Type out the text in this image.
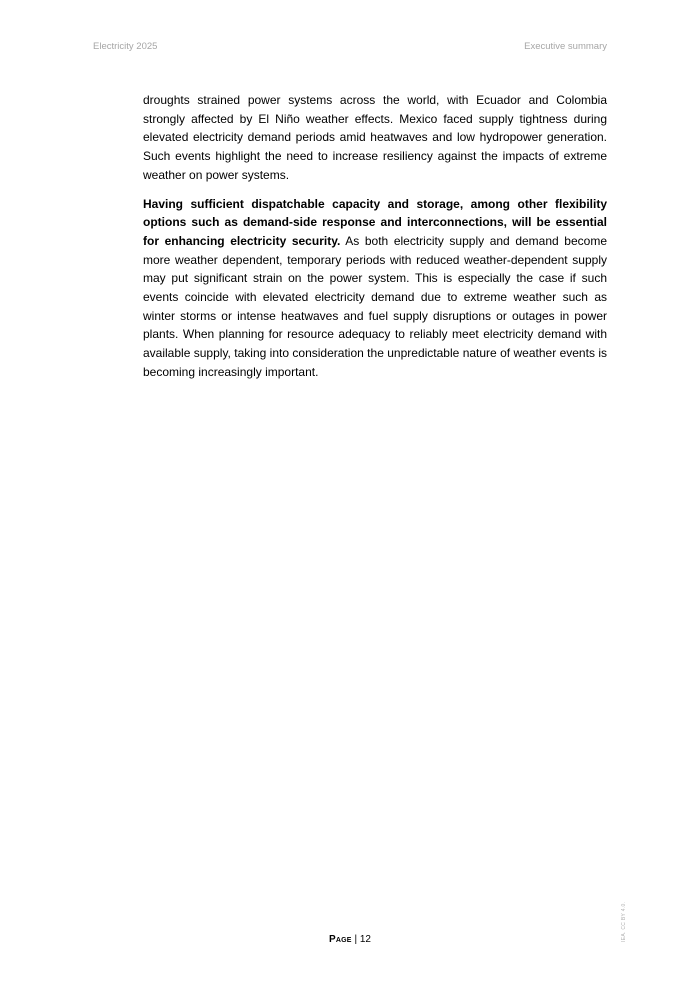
Electricity 2025	Executive summary

droughts strained power systems across the world, with Ecuador and Colombia strongly affected by El Niño weather effects. Mexico faced supply tightness during elevated electricity demand periods amid heatwaves and low hydropower generation. Such events highlight the need to increase resiliency against the impacts of extreme weather on power systems.

Having sufficient dispatchable capacity and storage, among other flexibility options such as demand-side response and interconnections, will be essential for enhancing electricity security. As both electricity supply and demand become more weather dependent, temporary periods with reduced weather-dependent supply may put significant strain on the power system. This is especially the case if such events coincide with elevated electricity demand due to extreme weather such as winter storms or intense heatwaves and fuel supply disruptions or outages in power plants. When planning for resource adequacy to reliably meet electricity demand with available supply, taking into consideration the unpredictable nature of weather events is becoming increasingly important.

Page | 12	IEA. CC BY 4.0.
